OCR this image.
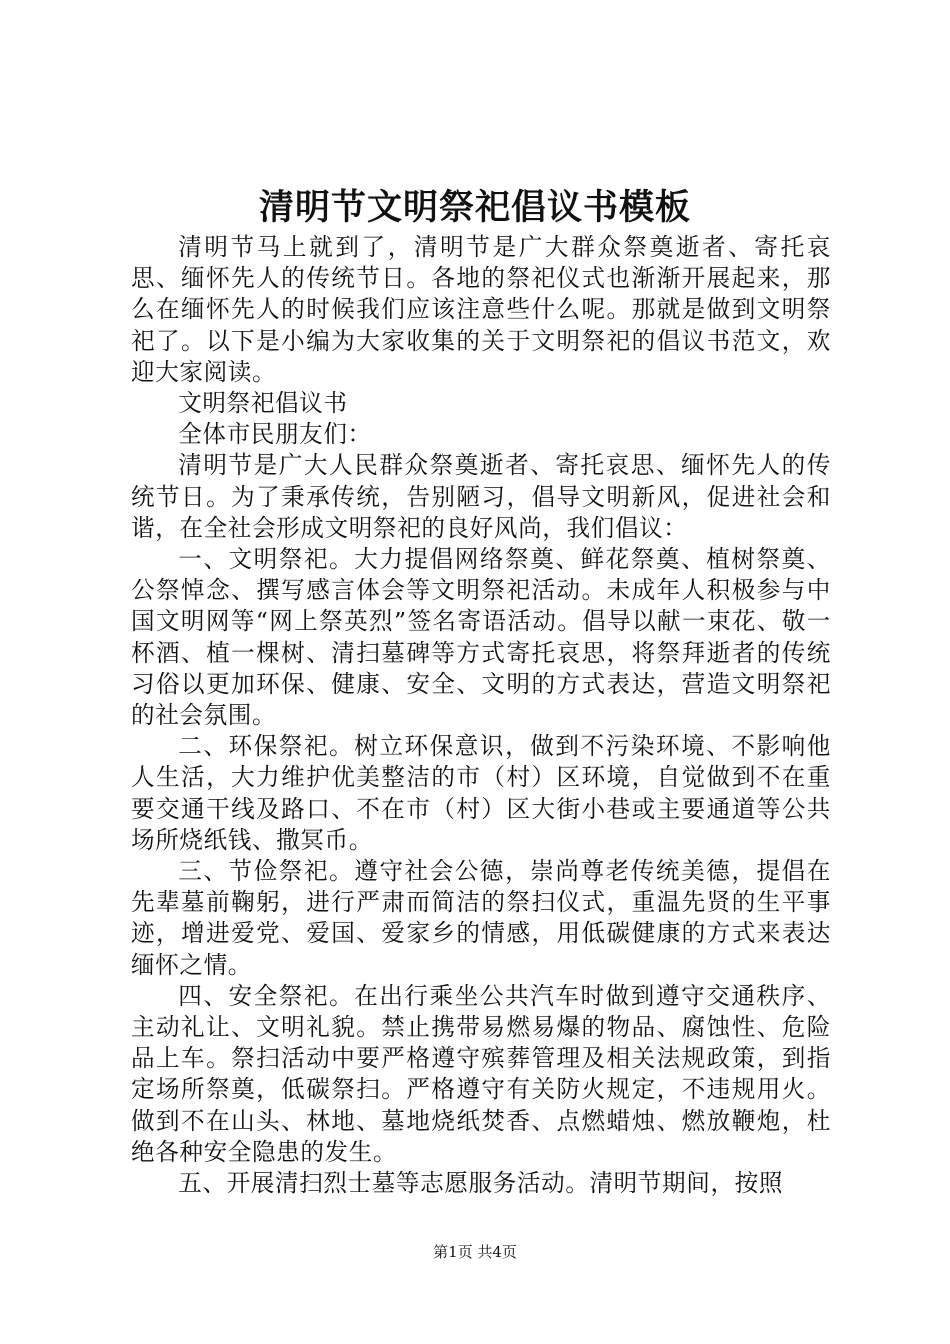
清明节文明祭祀倡议书模板

清明节马上就到了，清明节是广大群众祭奠逝者、寄托哀思、缅怀先人的传统节日。各地的祭祀仪式也渐渐开展起来，那么在缅怀先人的时候我们应该注意些什么呢。那就是做到文明祭祀了。以下是小编为大家收集的关于文明祭祀的倡议书范文，欢迎大家阅读。

文明祭祀倡议书

全体市民朋友们：

清明节是广大人民群众祭奠逝者、寄托哀思、缅怀先人的传统节日。为了秉承传统，告别陋习，倡导文明新风，促进社会和谐，在全社会形成文明祭祀的良好风尚，我们倡议：

一、文明祭祀。大力提倡网络祭奠、鲜花祭奠、植树祭奠、公祭悼念、撰写感言体会等文明祭祀活动。未成年人积极参与中国文明网等“网上祭英烈”签名寄语活动。倡导以献一束花、敬一杯酒、植一棵树、清扫墓碑等方式寄托哀思，将祭拜逝者的传统习俗以更加环保、健康、安全、文明的方式表达，营造文明祭祀的社会氛围。

二、环保祭祀。树立环保意识，做到不污染环境、不影响他人生活，大力维护优美整洁的市（村）区环境，自觉做到不在重要交通干线及路口、不在市（村）区大街小巷或主要通道等公共场所烧纸钱、撒冥币。

三、节俭祭祀。遵守社会公德，崇尚尊老传统美德，提倡在先辈墓前鞠躬，进行严肃而简洁的祭扫仪式，重温先贤的生平事迹，增进爱党、爱国、爱家乡的情感，用低碳健康的方式来表达缅怀之情。

四、安全祭祀。在出行乘坐公共汽车时做到遵守交通秩序、主动礼让、文明礼貌。禁止携带易燃易爆的物品、腐蚀性、危险品上车。祭扫活动中要严格遵守殡葬管理及相关法规政策，到指定场所祭奠，低碳祭扫。严格遵守有关防火规定，不违规用火。做到不在山头、林地、墓地烧纸焚香、点燃蜡烛、燃放鞭炮，杜绝各种安全隐患的发生。

五、开展清扫烈士墓等志愿服务活动。清明节期间，按照

第1页 共4页
